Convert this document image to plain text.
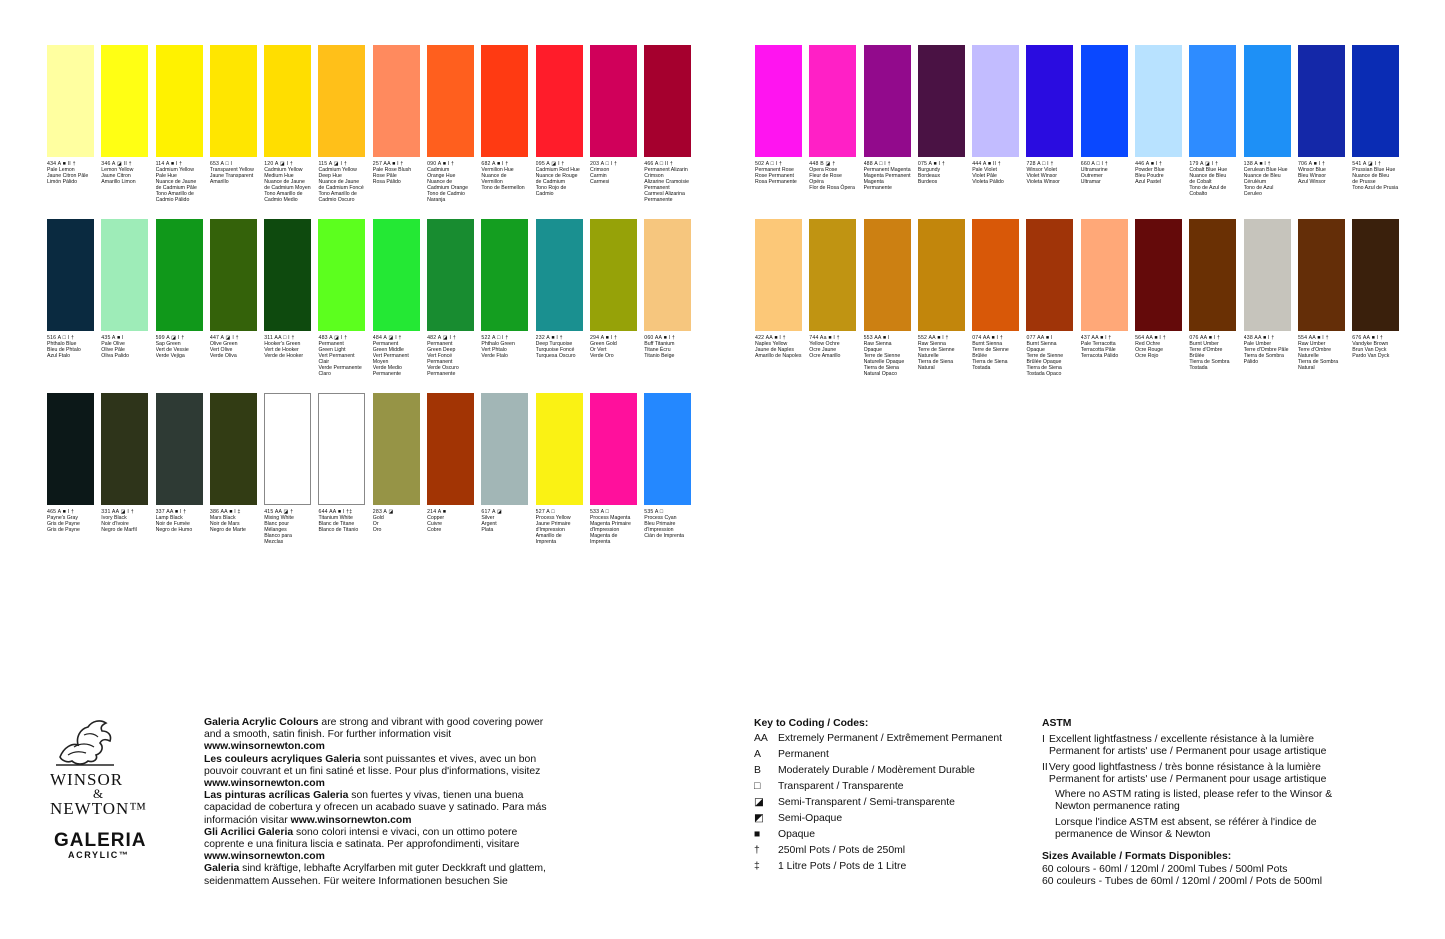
434 A ■ II †
Pale Lemon
Jaune Citron Pâle
Limón Pálido
346 A ◪ II †
Lemon Yellow
Jaune Citron
Amarillo Limon
114 A ■ I †
Cadmium Yellow
Pale Hue
Nuance de Jaune
de Cadmium Pâle
Tono Amarillo de
Cadmio Pálido
653 A □ I
Transparent Yellow
Jaune Transparent
Amarillo
120 A ◪ I †
Cadmium Yellow
Medium Hue
Nuance de Jaune
de Cadmium Moyen
Tono Amarillo de
Cadmio Medio
115 A ◪ I †
Cadmium Yellow
Deep Hue
Nuance de Jaune
de Cadmium Foncé
Tono Amarillo de
Cadmio Oscuro
257 AA ■ I †
Pale Rose Blush
Rose Pâle
Rosa Pálido
090 A ■ I †
Cadmium
Orange Hue
Nuance de
Cadmium Orange
Tono de Cadmio
Naranja
682 A ■ I †
Vermilion Hue
Nuance de Vermillon
Tono de Bermellon
095 A ◪ I †
Cadmium Red Hue
Nuance de Rouge
de Cadmium
Tono Rojo de
Cadmio
203 A □ I †
Crimson
Carmin
Carmesi
466 A □ II †
Permanent Alizarin
Crimson
Alizarine Cramoisie
Permanent
Carmesí Alizarina
Permanente
516 A □ I †
Phthalo Blue
Bleu de Phtalo
Azul Ftalo
435 A ■ I
Pale Olive
Olive Pâle
Oliva Palido
599 A ◪ I †
Sap Green
Vert de Vessie
Verde Vejiga
447 A ◪ I †
Olive Green
Vert Olive
Verde Oliva
311 AA □ I †
Hooker's Green
Vert de Hooker
Verde de Hooker
483 A ◪ I †
Permanent
Green Light
Vert Permanent Clair
Verde Permanente
Claro
484 A ◪ I †
Permanent
Green Middle
Vert Permanent
Moyen
Verde Medio
Permanente
482 A ◪ I †
Permanent
Green Deep
Vert Foncé
Permanent
Verde Oscuro
Permanente
522 A □ I †
Phthalo Green
Vert Phtalo
Verde Ftalo
232 A ■ I †
Deep Turquoise
Turquoise Foncé
Turquesa Oscuro
294 A ■ I †
Green Gold
Or Vert
Verde Oro
060 AA ■ I †
Buff Titanium
Titane Écru
Titanio Beige
465 A ■ I †
Payne's Gray
Gris de Payne
Gris de Payne
331 AA ◪ I †
Ivory Black
Noir d'Ivoire
Negro de Marfil
337 AA ■ I †
Lamp Black
Noir de Fumée
Negro de Humo
386 AA ■ I ‡
Mars Black
Noir de Mars
Negro de Marte
415 AA ◪ †
Mixing White
Blanc pour
Mélanges
Blanco para Mezclas
644 AA ■ I †‡
Titanium White
Blanc de Titane
Blanco de Titanio
283 A ◪
Gold
Or
Oro
214 A ■
Copper
Cuivre
Cobre
617 A ◪
Silver
Argent
Plata
527 A □
Process Yellow
Jaune Primaire
d'Impression
Amarillo de Imprenta
533 A □
Process Magenta
Magenta Primaire
d'Impression
Magenta de
Imprenta
535 A □
Process Cyan
Bleu Primaire
d'Impression
Cián de Imprenta
502 A □ I †
Permanent Rose
Rose Permanent
Rosa Permanente
448 B ◪ †
Opera Rose
Fleur de Rose Opéra
Flor de Rosa Ópera
488 A □ I †
Permanent Magenta
Magenta Permanent
Magenta
Permanente
075 A ■ I †
Burgundy
Bordeaux
Burdeos
444 A ■ II †
Pale Violet
Violet Pâle
Violeta Pálido
728 A □ I †
Winsor Violet
Violet Winsor
Violeta Winsor
660 A □ I †
Ultramarine
Outremer
Ultramar
446 A ■ I †
Powder Blue
Bleu Poudre
Azul Pastel
179 A ◪ I †
Cobalt Blue Hue
Nuance de Bleu
de Cobalt
Tono de Azul de
Cobalto
138 A ■ I †
Cerulean Blue Hue
Nuance de Bleu
Céruléum
Tono de Azul
Ceruleo
706 A ■ I †
Winsor Blue
Bleu Winsor
Azul Winsor
541 A ◪ I †
Prussian Blue Hue
Nuance de Bleu
de Prusse
Tono Azul de Prusia
422 AA ■ I †
Naples Yellow
Jaune de Naples
Amarillo de Napoles
744 Aa ■ I †
Yellow Ochre
Ocre Jaune
Ocre Amarillo
553 AA ■ I
Raw Sienna Opaque
Terre de Sienne
Naturelle Opaque
Tierra de Siena
Natural Opaco
552 AA ■ I †
Raw Sienna
Terre de Sienne
Naturelle
Tierra de Siena
Natural
074 AA ■ I †
Burnt Sienna
Terre de Sienne
Brûlée
Tierra de Siena
Tostada
077 AA ■ I
Burnt Sienna
Opaque
Terre de Sienne
Brûlée Opaque
Tierra de Siena
Tostada Opaco
437 AA ■ I †
Pale Terracotta
Terracotta Pâle
Terracota Pálido
564 AA ■ I †
Red Ochre
Ocre Rouge
Ocre Rojo
076 AA ■ I †
Burnt Umber
Terre d'Ombre
Brûlée
Tierra de Sombra
Tostada
438 AA ■ I †
Pale Umber
Terre d'Ombre Pâle
Tierra de Sombra
Pálido
554 AA ■ I †
Raw Umber
Terre d'Ombre
Naturelle
Tierra de Sombra
Natural
676 AA ■ I †
Vandyke Brown
Brun Van Dyck
Pardo Van Dyck
WINSOR
&
NEWTON™
GALERIA
ACRYLIC™

Galeria Acrylic Colours are strong and vibrant with good covering power and a smooth, satin finish. For further information visit www.winsornewton.com

Les couleurs acryliques Galeria sont puissantes et vives, avec un bon pouvoir couvrant et un fini satiné et lisse. Pour plus d'informations, visitez www.winsornewton.com

Las pinturas acrílicas Galeria son fuertes y vivas, tienen una buena capacidad de cobertura y ofrecen un acabado suave y satinado. Para más información visitar www.winsornewton.com

Gli Acrilici Galeria sono colori intensi e vivaci, con un ottimo potere coprente e una finitura liscia e satinata. Per approfondimenti, visitare www.winsornewton.com

Galeria sind kräftige, lebhafte Acrylfarben mit guter Deckkraft und glattem, seidenmattem Aussehen. Für weitere Informationen besuchen Sie

Key to Coding / Codes:
AA Extremely Permanent / Extrêmement Permanent
A	Permanent
B	Moderately Durable / Modèrement Durable
□	Transparent / Transparente
◪	Semi-Transparent / Semi-transparente
◩	Semi-Opaque
■	Opaque
†	250ml Pots / Pots de 250ml
‡	1 Litre Pots / Pots de 1 Litre
ASTM
I Excellent lightfastness / excellente résistance à la lumière Permanent for artists' use / Permanent pour usage artistique
II Very good lightfastness / très bonne résistance à la lumière Permanent for artists' use / Permanent pour usage artistique
Where no ASTM rating is listed, please refer to the Winsor & Newton permanence rating
Lorsque l'indice ASTM est absent, se référer à l'indice de permanence de Winsor & Newton
Sizes Available / Formats Disponibles:
60 colours - 60ml / 120ml / 200ml Tubes / 500ml Pots
60 couleurs - Tubes de 60ml / 120ml / 200ml / Pots de 500ml
